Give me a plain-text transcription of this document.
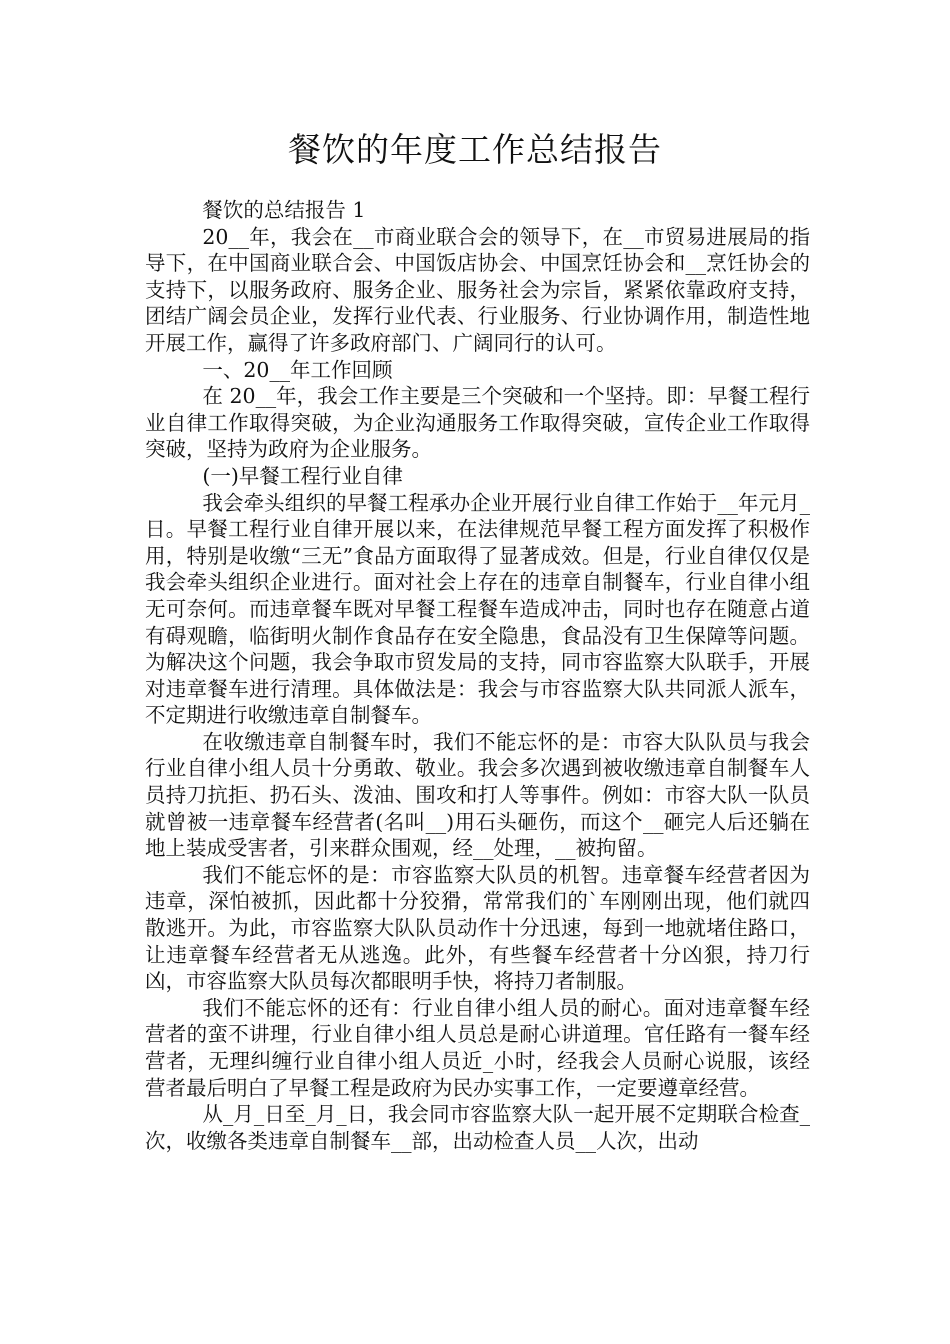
餐饮的年度工作总结报告

餐饮的总结报告 1

20__年，我会在__市商业联合会的领导下，在__市贸易进展局的指导下，在中国商业联合会、中国饭店协会、中国烹饪协会和__烹饪协会的支持下，以服务政府、服务企业、服务社会为宗旨，紧紧依靠政府支持，团结广阔会员企业，发挥行业代表、行业服务、行业协调作用，制造性地开展工作，赢得了许多政府部门、广阔同行的认可。

一、20__年工作回顾

在 20__年，我会工作主要是三个突破和一个坚持。即：早餐工程行业自律工作取得突破，为企业沟通服务工作取得突破，宣传企业工作取得突破，坚持为政府为企业服务。

(一)早餐工程行业自律

我会牵头组织的早餐工程承办企业开展行业自律工作始于__年元月_日。早餐工程行业自律开展以来，在法律规范早餐工程方面发挥了积极作用，特别是收缴“三无”食品方面取得了显著成效。但是，行业自律仅仅是我会牵头组织企业进行。面对社会上存在的违章自制餐车，行业自律小组无可奈何。而违章餐车既对早餐工程餐车造成冲击，同时也存在随意占道有碍观瞻，临街明火制作食品存在安全隐患，食品没有卫生保障等问题。为解决这个问题，我会争取市贸发局的支持，同市容监察大队联手，开展对违章餐车进行清理。具体做法是：我会与市容监察大队共同派人派车，不定期进行收缴违章自制餐车。

在收缴违章自制餐车时，我们不能忘怀的是：市容大队队员与我会行业自律小组人员十分勇敢、敬业。我会多次遇到被收缴违章自制餐车人员持刀抗拒、扔石头、泼油、围攻和打人等事件。例如：市容大队一队员就曾被一违章餐车经营者(名叫__)用石头砸伤，而这个__砸完人后还躺在地上装成受害者，引来群众围观，经__处理，__被拘留。

我们不能忘怀的是：市容监察大队员的机智。违章餐车经营者因为违章，深怕被抓，因此都十分狡猾，常常我们的`车刚刚出现，他们就四散逃开。为此，市容监察大队队员动作十分迅速，每到一地就堵住路口，让违章餐车经营者无从逃逸。此外，有些餐车经营者十分凶狠，持刀行凶，市容监察大队员每次都眼明手快，将持刀者制服。

我们不能忘怀的还有：行业自律小组人员的耐心。面对违章餐车经营者的蛮不讲理，行业自律小组人员总是耐心讲道理。官任路有一餐车经营者，无理纠缠行业自律小组人员近_小时，经我会人员耐心说服，该经营者最后明白了早餐工程是政府为民办实事工作，一定要遵章经营。

从_月_日至_月_日，我会同市容监察大队一起开展不定期联合检查_次，收缴各类违章自制餐车__部，出动检查人员__人次，出动
